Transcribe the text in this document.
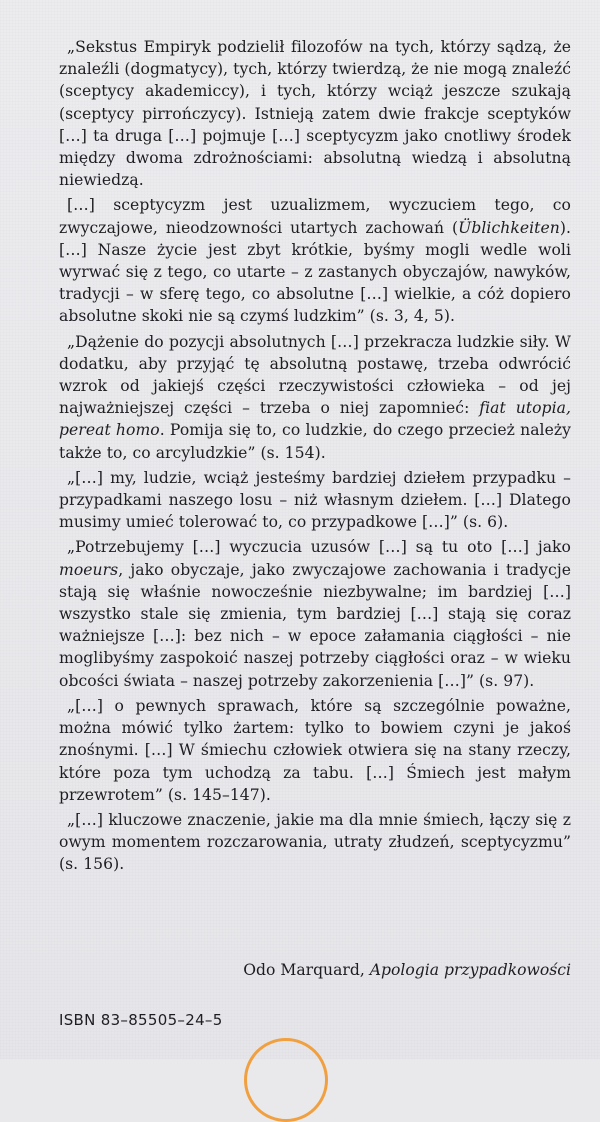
„Sekstus Empiryk podzielił filozofów na tych, którzy sądzą, że znaleźli (dogmatycy), tych, którzy twierdzą, że nie mogą znaleźć (sceptycy akademiccy), i tych, którzy wciąż jeszcze szukają (sceptycy pirrończycy). Istnieją zatem dwie frakcje sceptyków […] ta druga […] pojmuje […] sceptycyzm jako cnotliwy środek między dwoma zdrożnościami: absolutną wiedzą i absolutną niewiedzą.

[…] sceptycyzm jest uzualizmem, wyczuciem tego, co zwyczajowe, nieodzowności utartych zachowań (Üblichkeiten). […] Nasze życie jest zbyt krótkie, byśmy mogli wedle woli wyrwać się z tego, co utarte – z zastanych obyczajów, nawyków, tradycji – w sferę tego, co absolutne […] wielkie, a cóż dopiero absolutne skoki nie są czymś ludzkim” (s. 3, 4, 5).

„Dążenie do pozycji absolutnych […] przekracza ludzkie siły. W dodatku, aby przyjąć tę absolutną postawę, trzeba odwrócić wzrok od jakiejś części rzeczywistości człowieka – od jej najważniejszej części – trzeba o niej zapomnieć: fiat utopia, pereat homo. Pomija się to, co ludzkie, do czego przecież należy także to, co arcyludzkie” (s. 154).

„[…] my, ludzie, wciąż jesteśmy bardziej dziełem przypadku – przypadkami naszego losu – niż własnym dziełem. […] Dlatego musimy umieć tolerować to, co przypadkowe […]” (s. 6).

„Potrzebujemy […] wyczucia uzusów […] są tu oto […] jako moeurs, jako obyczaje, jako zwyczajowe zachowania i tradycje stają się właśnie nowocześnie niezbywalne; im bardziej […] wszystko stale się zmienia, tym bardziej […] stają się coraz ważniejsze […]: bez nich – w epoce załamania ciągłości – nie moglibyśmy zaspokoić naszej potrzeby ciągłości oraz – w wieku obcości świata – naszej potrzeby zakorzenienia […]” (s. 97).

„[…] o pewnych sprawach, które są szczególnie poważne, można mówić tylko żartem: tylko to bowiem czyni je jakoś znośnymi. […] W śmiechu człowiek otwiera się na stany rzeczy, które poza tym uchodzą za tabu. […] Śmiech jest małym przewrotem” (s. 145–147).

„[…] kluczowe znaczenie, jakie ma dla mnie śmiech, łączy się z owym momentem rozczarowania, utraty złudzeń, sceptycyzmu” (s. 156).

Odo Marquard, Apologia przypadkowości
ISBN 83–85505–24–5
